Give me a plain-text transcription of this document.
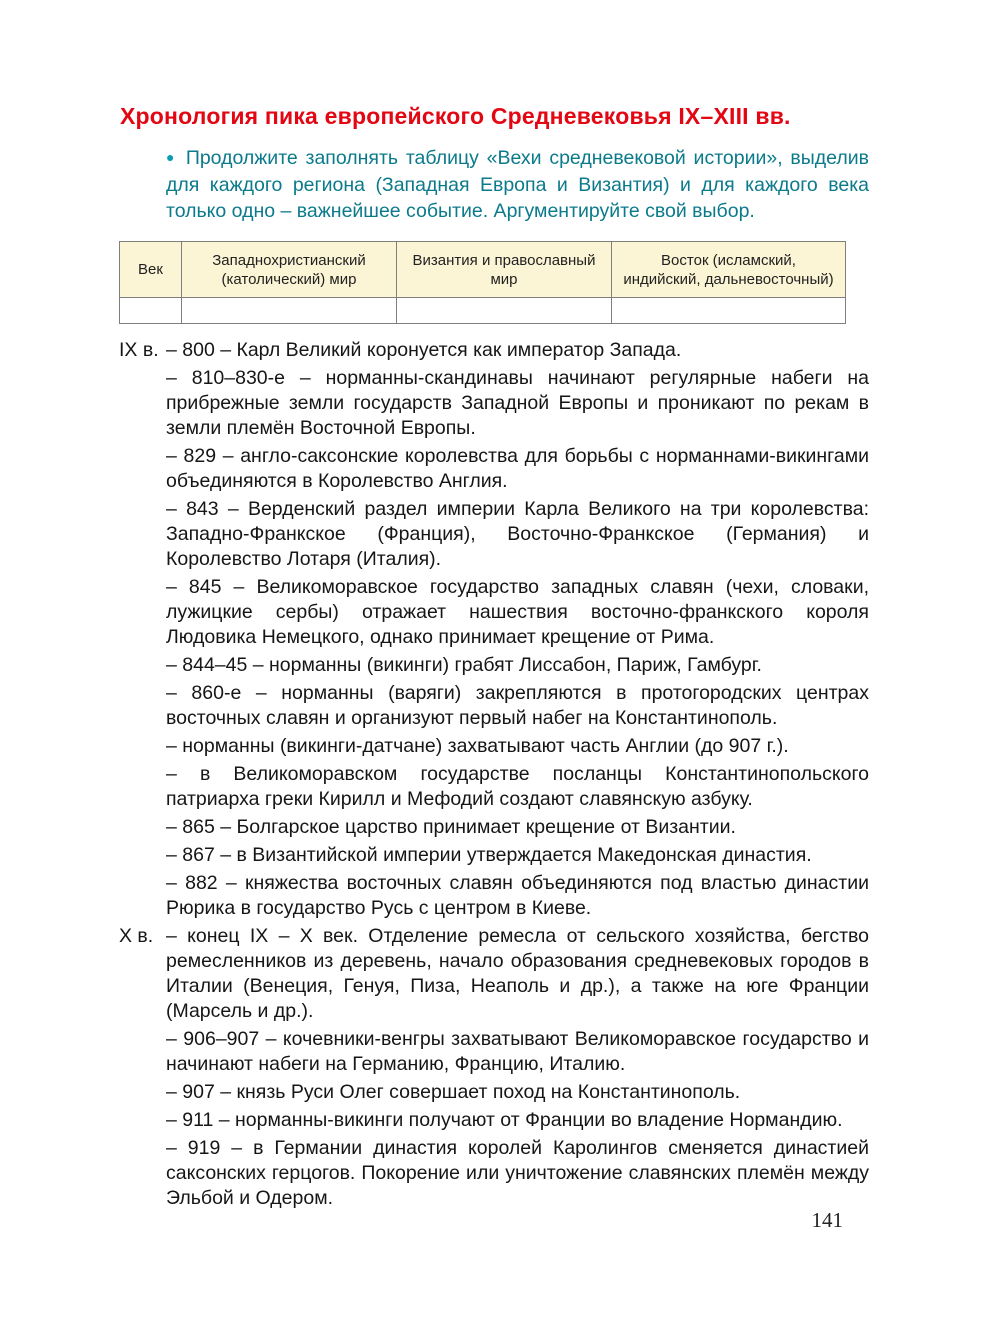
Хронология пика европейского Средневековья IX–XIII вв.

● Продолжите заполнять таблицу «Вехи средневековой истории», выделив для каждого региона (Западная Европа и Византия) и для каждого века только одно – важнейшее событие. Аргументируйте свой выбор.

Век	Западнохристианский (католический) мир	Византия и православный мир	Восток (исламский, индийский, дальневосточный)

IX в. – 800 – Карл Великий коронуется как император Запада.

– 810–830-е – норманны-скандинавы начинают регулярные набеги на прибрежные земли государств Западной Европы и проникают по рекам в земли племён Восточной Европы.

– 829 – англо-саксонские королевства для борьбы с норманнами-викингами объединяются в Королевство Англия.

– 843 – Верденский раздел империи Карла Великого на три королевства: Западно-Франкское (Франция), Восточно-Франкское (Германия) и Королевство Лотаря (Италия).

– 845 – Великоморавское государство западных славян (чехи, словаки, лужицкие сербы) отражает нашествия восточно-франкского короля Людовика Немецкого, однако принимает крещение от Рима.

– 844–45 – норманны (викинги) грабят Лиссабон, Париж, Гамбург.

– 860-е – норманны (варяги) закрепляются в протогородских центрах восточных славян и организуют первый набег на Константинополь.

– норманны (викинги-датчане) захватывают часть Англии (до 907 г.).

– в Великоморавском государстве посланцы Константинопольского патриарха греки Кирилл и Мефодий создают славянскую азбуку.

– 865 – Болгарское царство принимает крещение от Византии.

– 867 – в Византийской империи утверждается Македонская династия.

– 882 – княжества восточных славян объединяются под властью династии Рюрика в государство Русь с центром в Киеве.

X в. – конец IX – X век. Отделение ремесла от сельского хозяйства, бегство ремесленников из деревень, начало образования средневековых городов в Италии (Венеция, Генуя, Пиза, Неаполь и др.), а также на юге Франции (Марсель и др.).

– 906–907 – кочевники-венгры захватывают Великоморавское государство и начинают набеги на Германию, Францию, Италию.

– 907 – князь Руси Олег совершает поход на Константинополь.

– 911 – норманны-викинги получают от Франции во владение Нормандию.

– 919 – в Германии династия королей Каролингов сменяется династией саксонских герцогов. Покорение или уничтожение славянских племён между Эльбой и Одером.

141
